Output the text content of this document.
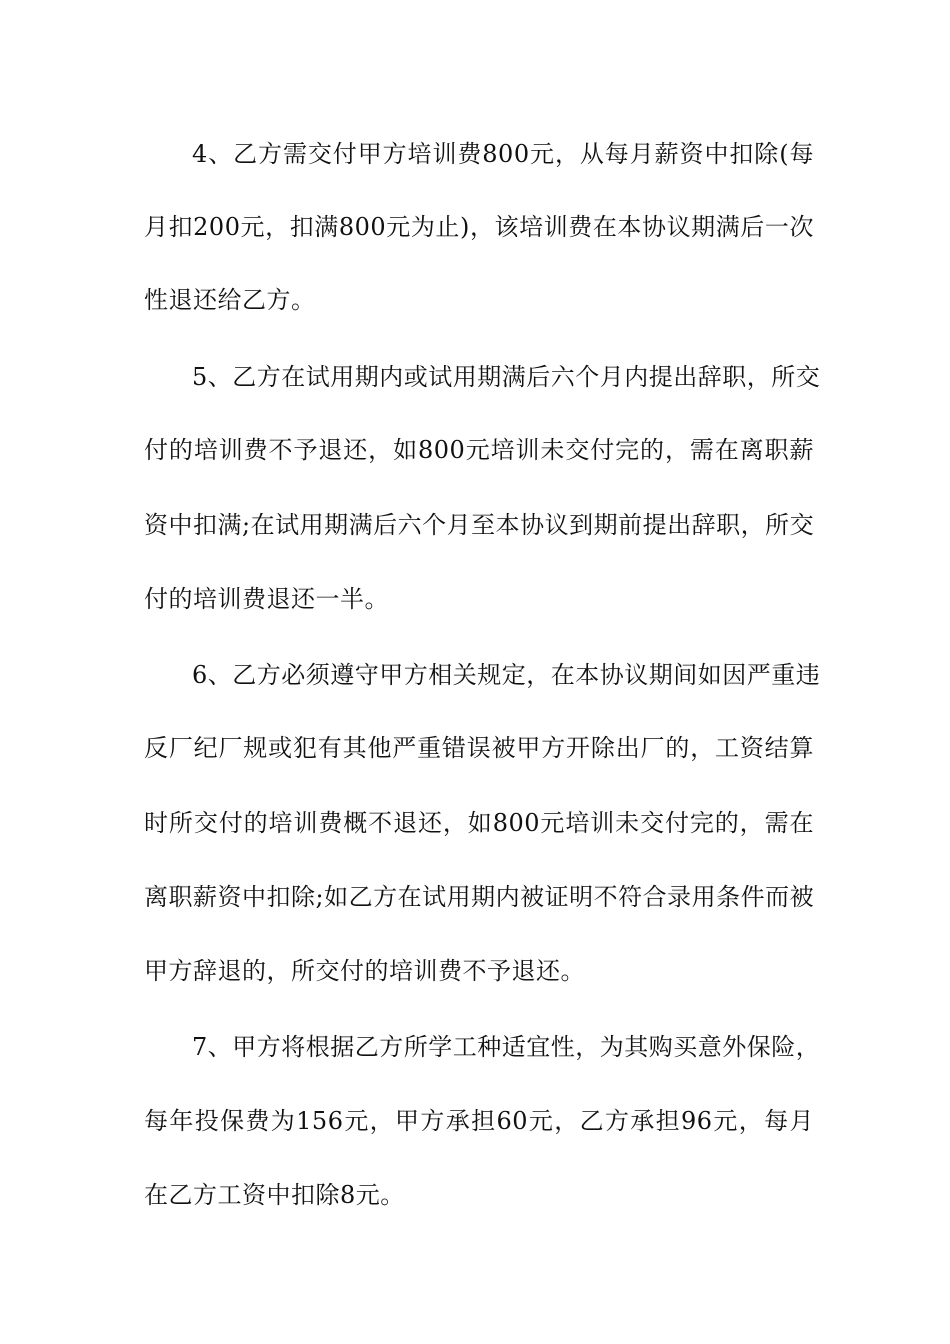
4、乙方需交付甲方培训费800元，从每月薪资中扣除(每
月扣200元，扣满800元为止)，该培训费在本协议期满后一次
性退还给乙方。
5、乙方在试用期内或试用期满后六个月内提出辞职，所交
付的培训费不予退还，如800元培训未交付完的，需在离职薪
资中扣满;在试用期满后六个月至本协议到期前提出辞职，所交
付的培训费退还一半。
6、乙方必须遵守甲方相关规定，在本协议期间如因严重违
反厂纪厂规或犯有其他严重错误被甲方开除出厂的，工资结算
时所交付的培训费概不退还，如800元培训未交付完的，需在
离职薪资中扣除;如乙方在试用期内被证明不符合录用条件而被
甲方辞退的，所交付的培训费不予退还。
7、甲方将根据乙方所学工种适宜性，为其购买意外保险，
每年投保费为156元，甲方承担60元，乙方承担96元，每月
在乙方工资中扣除8元。
